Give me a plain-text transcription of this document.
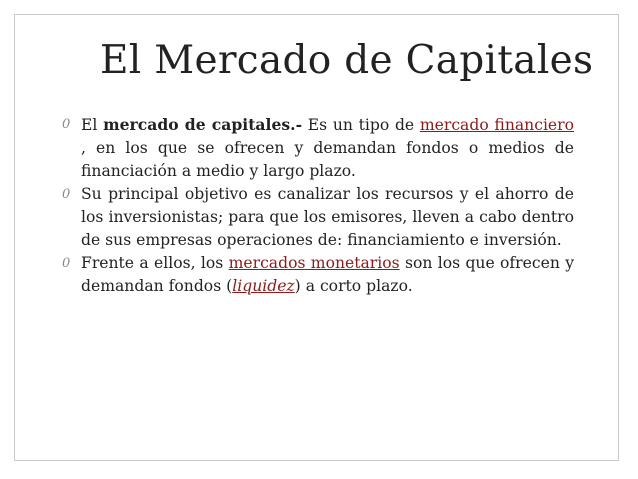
El Mercado de Capitales
0 El mercado de capitales.- Es un tipo de mercado financiero , en los que se ofrecen y demandan fondos o medios de financiación a medio y largo plazo.
0 Su principal objetivo es canalizar los recursos y el ahorro de los inversionistas; para que los emisores, lleven a cabo dentro de sus empresas operaciones de: financiamiento e inversión.
0 Frente a ellos, los mercados monetarios son los que ofrecen y demandan fondos (liquidez) a corto plazo.
